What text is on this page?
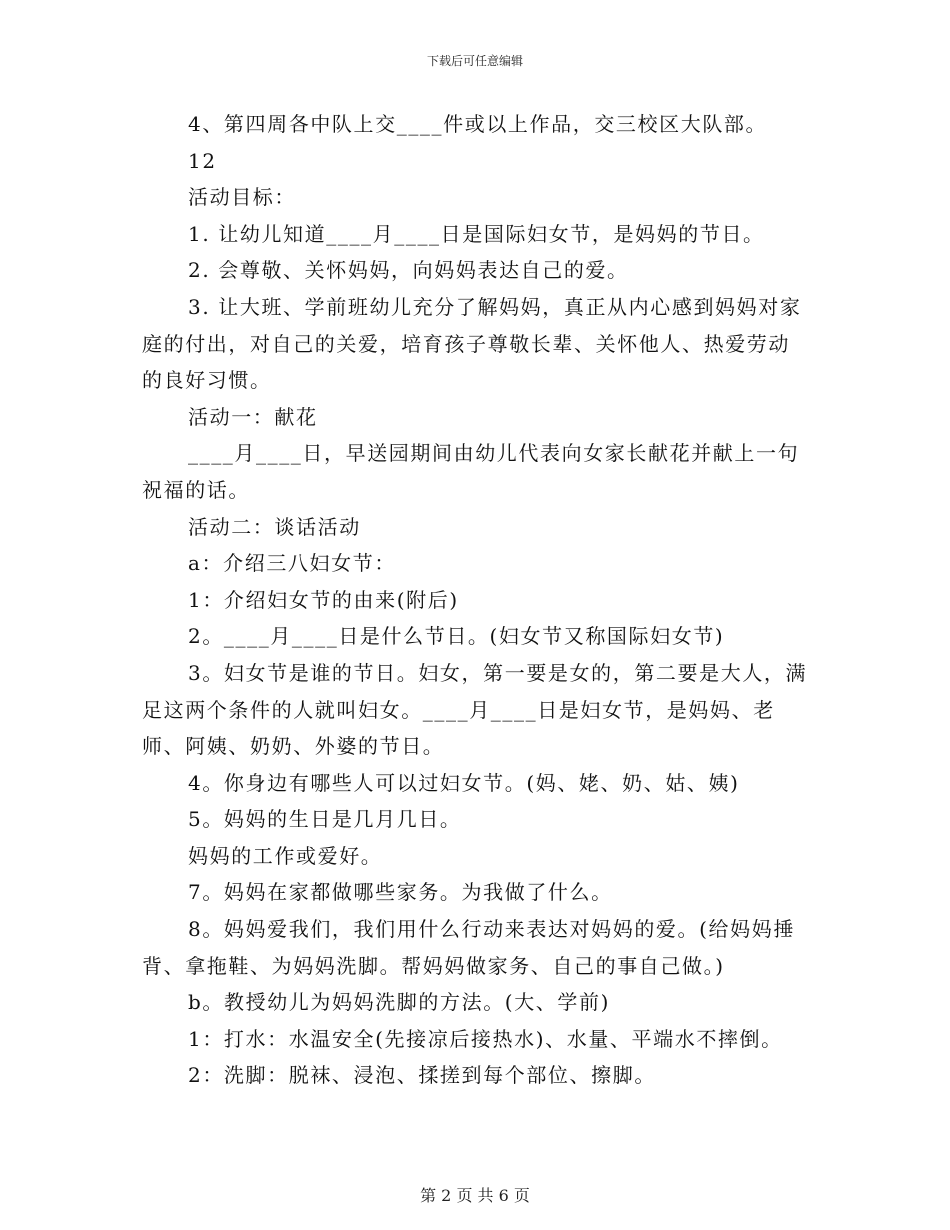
下载后可任意编辑

4、第四周各中队上交____件或以上作品，交三校区大队部。

12

活动目标：

1. 让幼儿知道____月____日是国际妇女节，是妈妈的节日。

2. 会尊敬、关怀妈妈，向妈妈表达自己的爱。

3. 让大班、学前班幼儿充分了解妈妈，真正从内心感到妈妈对家庭的付出，对自己的关爱，培育孩子尊敬长辈、关怀他人、热爱劳动的良好习惯。

活动一：献花

____月____日，早送园期间由幼儿代表向女家长献花并献上一句祝福的话。

活动二：谈话活动

a：介绍三八妇女节：

1：介绍妇女节的由来(附后)

2。____月____日是什么节日。(妇女节又称国际妇女节)

3。妇女节是谁的节日。妇女，第一要是女的，第二要是大人，满足这两个条件的人就叫妇女。____月____日是妇女节，是妈妈、老师、阿姨、奶奶、外婆的节日。

4。你身边有哪些人可以过妇女节。(妈、姥、奶、姑、姨)

5。妈妈的生日是几月几日。

妈妈的工作或爱好。

7。妈妈在家都做哪些家务。为我做了什么。

8。妈妈爱我们，我们用什么行动来表达对妈妈的爱。(给妈妈捶背、拿拖鞋、为妈妈洗脚。帮妈妈做家务、自己的事自己做。)

b。教授幼儿为妈妈洗脚的方法。(大、学前)

1：打水：水温安全(先接凉后接热水)、水量、平端水不摔倒。

2：洗脚：脱袜、浸泡、揉搓到每个部位、擦脚。

第 2 页 共 6 页
